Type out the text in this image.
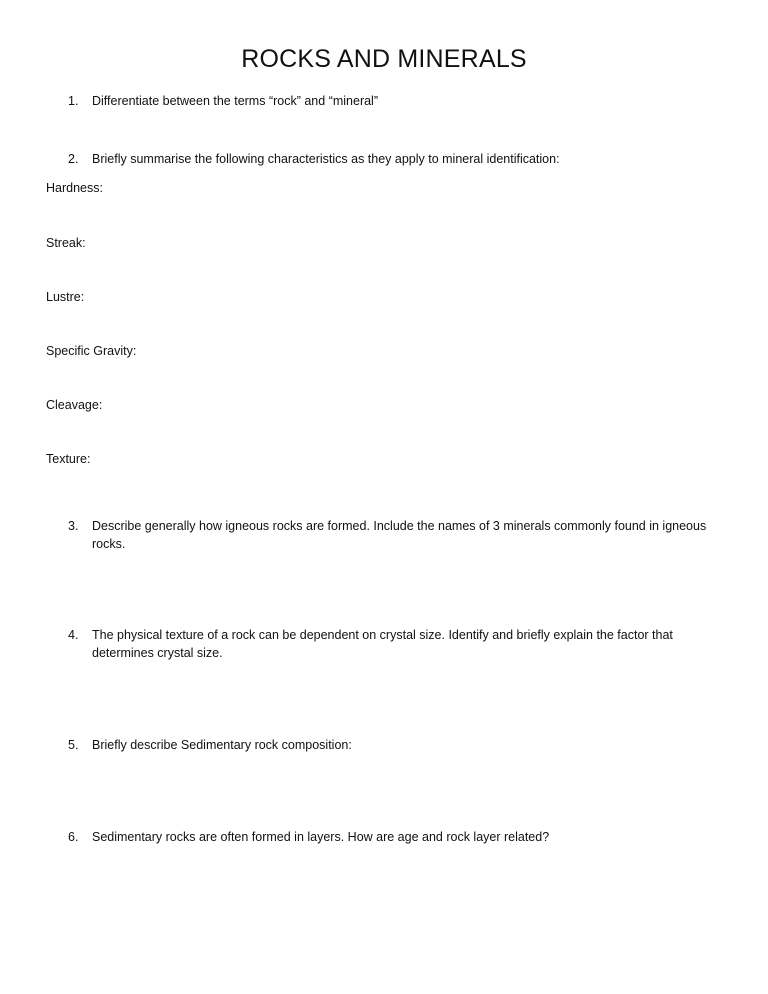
ROCKS AND MINERALS
1.	Differentiate between the terms “rock” and “mineral”
2.	Briefly summarise the following characteristics as they apply to mineral identification:
Hardness:
Streak:
Lustre:
Specific Gravity:
Cleavage:
Texture:
3.	Describe generally how igneous rocks are formed. Include the names of 3 minerals commonly found in igneous rocks.
4.	The physical texture of a rock can be dependent on crystal size. Identify and briefly explain the factor that determines crystal size.
5.	Briefly describe Sedimentary rock composition:
6.	Sedimentary rocks are often formed in layers. How are age and rock layer related?
